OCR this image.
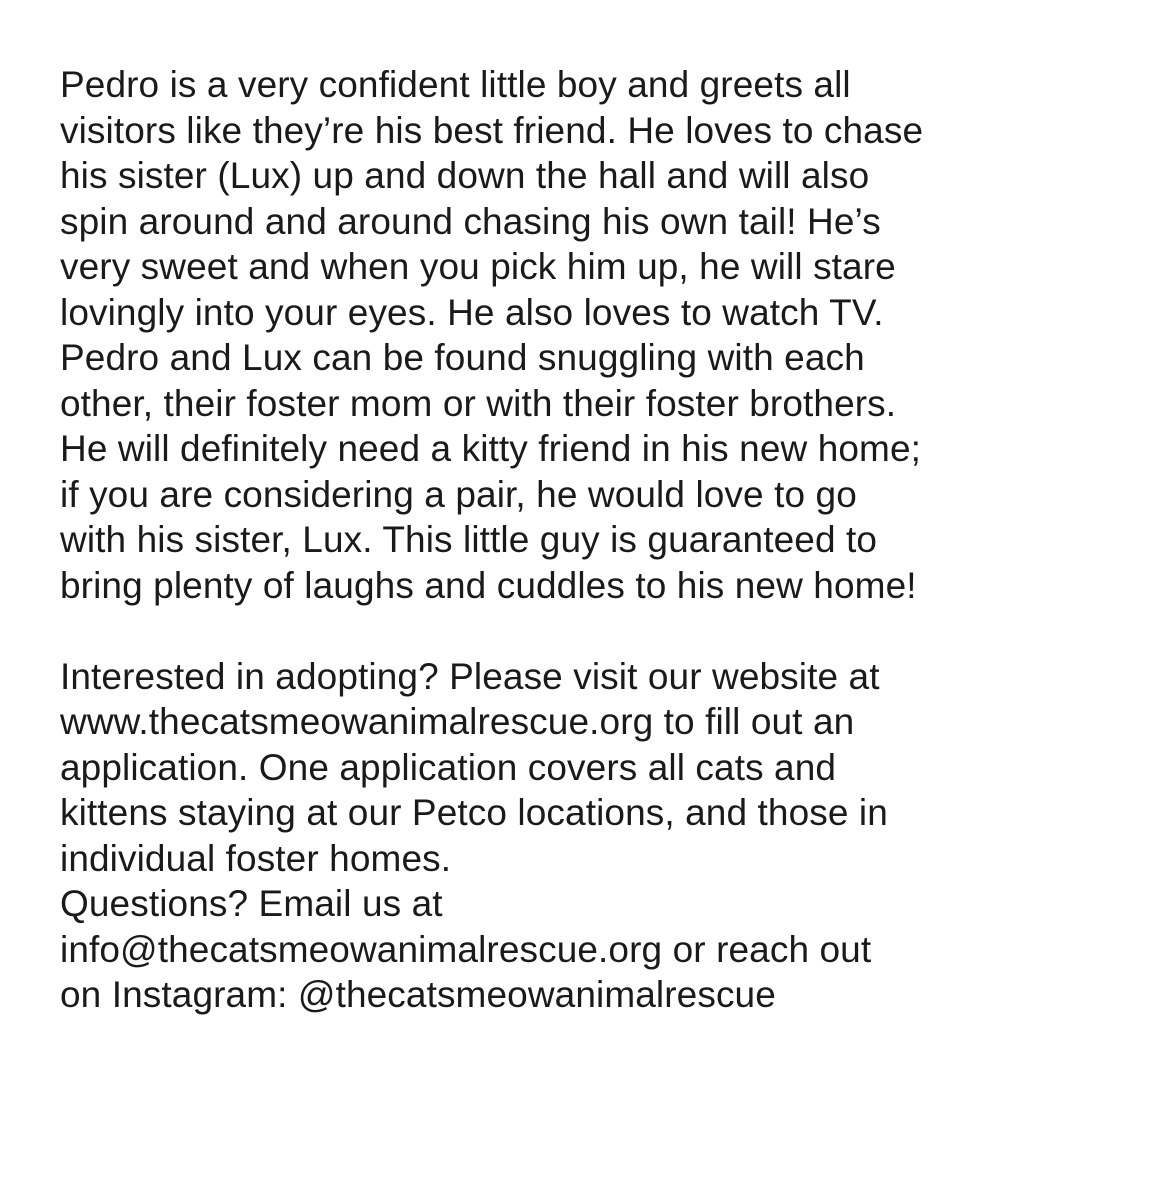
Pedro is a very confident little boy and greets all
visitors like they’re his best friend. He loves to chase
his sister (Lux) up and down the hall and will also
spin around and around chasing his own tail! He’s
very sweet and when you pick him up, he will stare
lovingly into your eyes. He also loves to watch TV.
Pedro and Lux can be found snuggling with each
other, their foster mom or with their foster brothers.
He will definitely need a kitty friend in his new home;
if you are considering a pair, he would love to go
with his sister, Lux. This little guy is guaranteed to
bring plenty of laughs and cuddles to his new home!
Interested in adopting? Please visit our website at
www.thecatsmeowanimalrescue.org to fill out an
application. One application covers all cats and
kittens staying at our Petco locations, and those in
individual foster homes.
Questions? Email us at
info@thecatsmeowanimalrescue.org or reach out
on Instagram: @thecatsmeowanimalrescue
